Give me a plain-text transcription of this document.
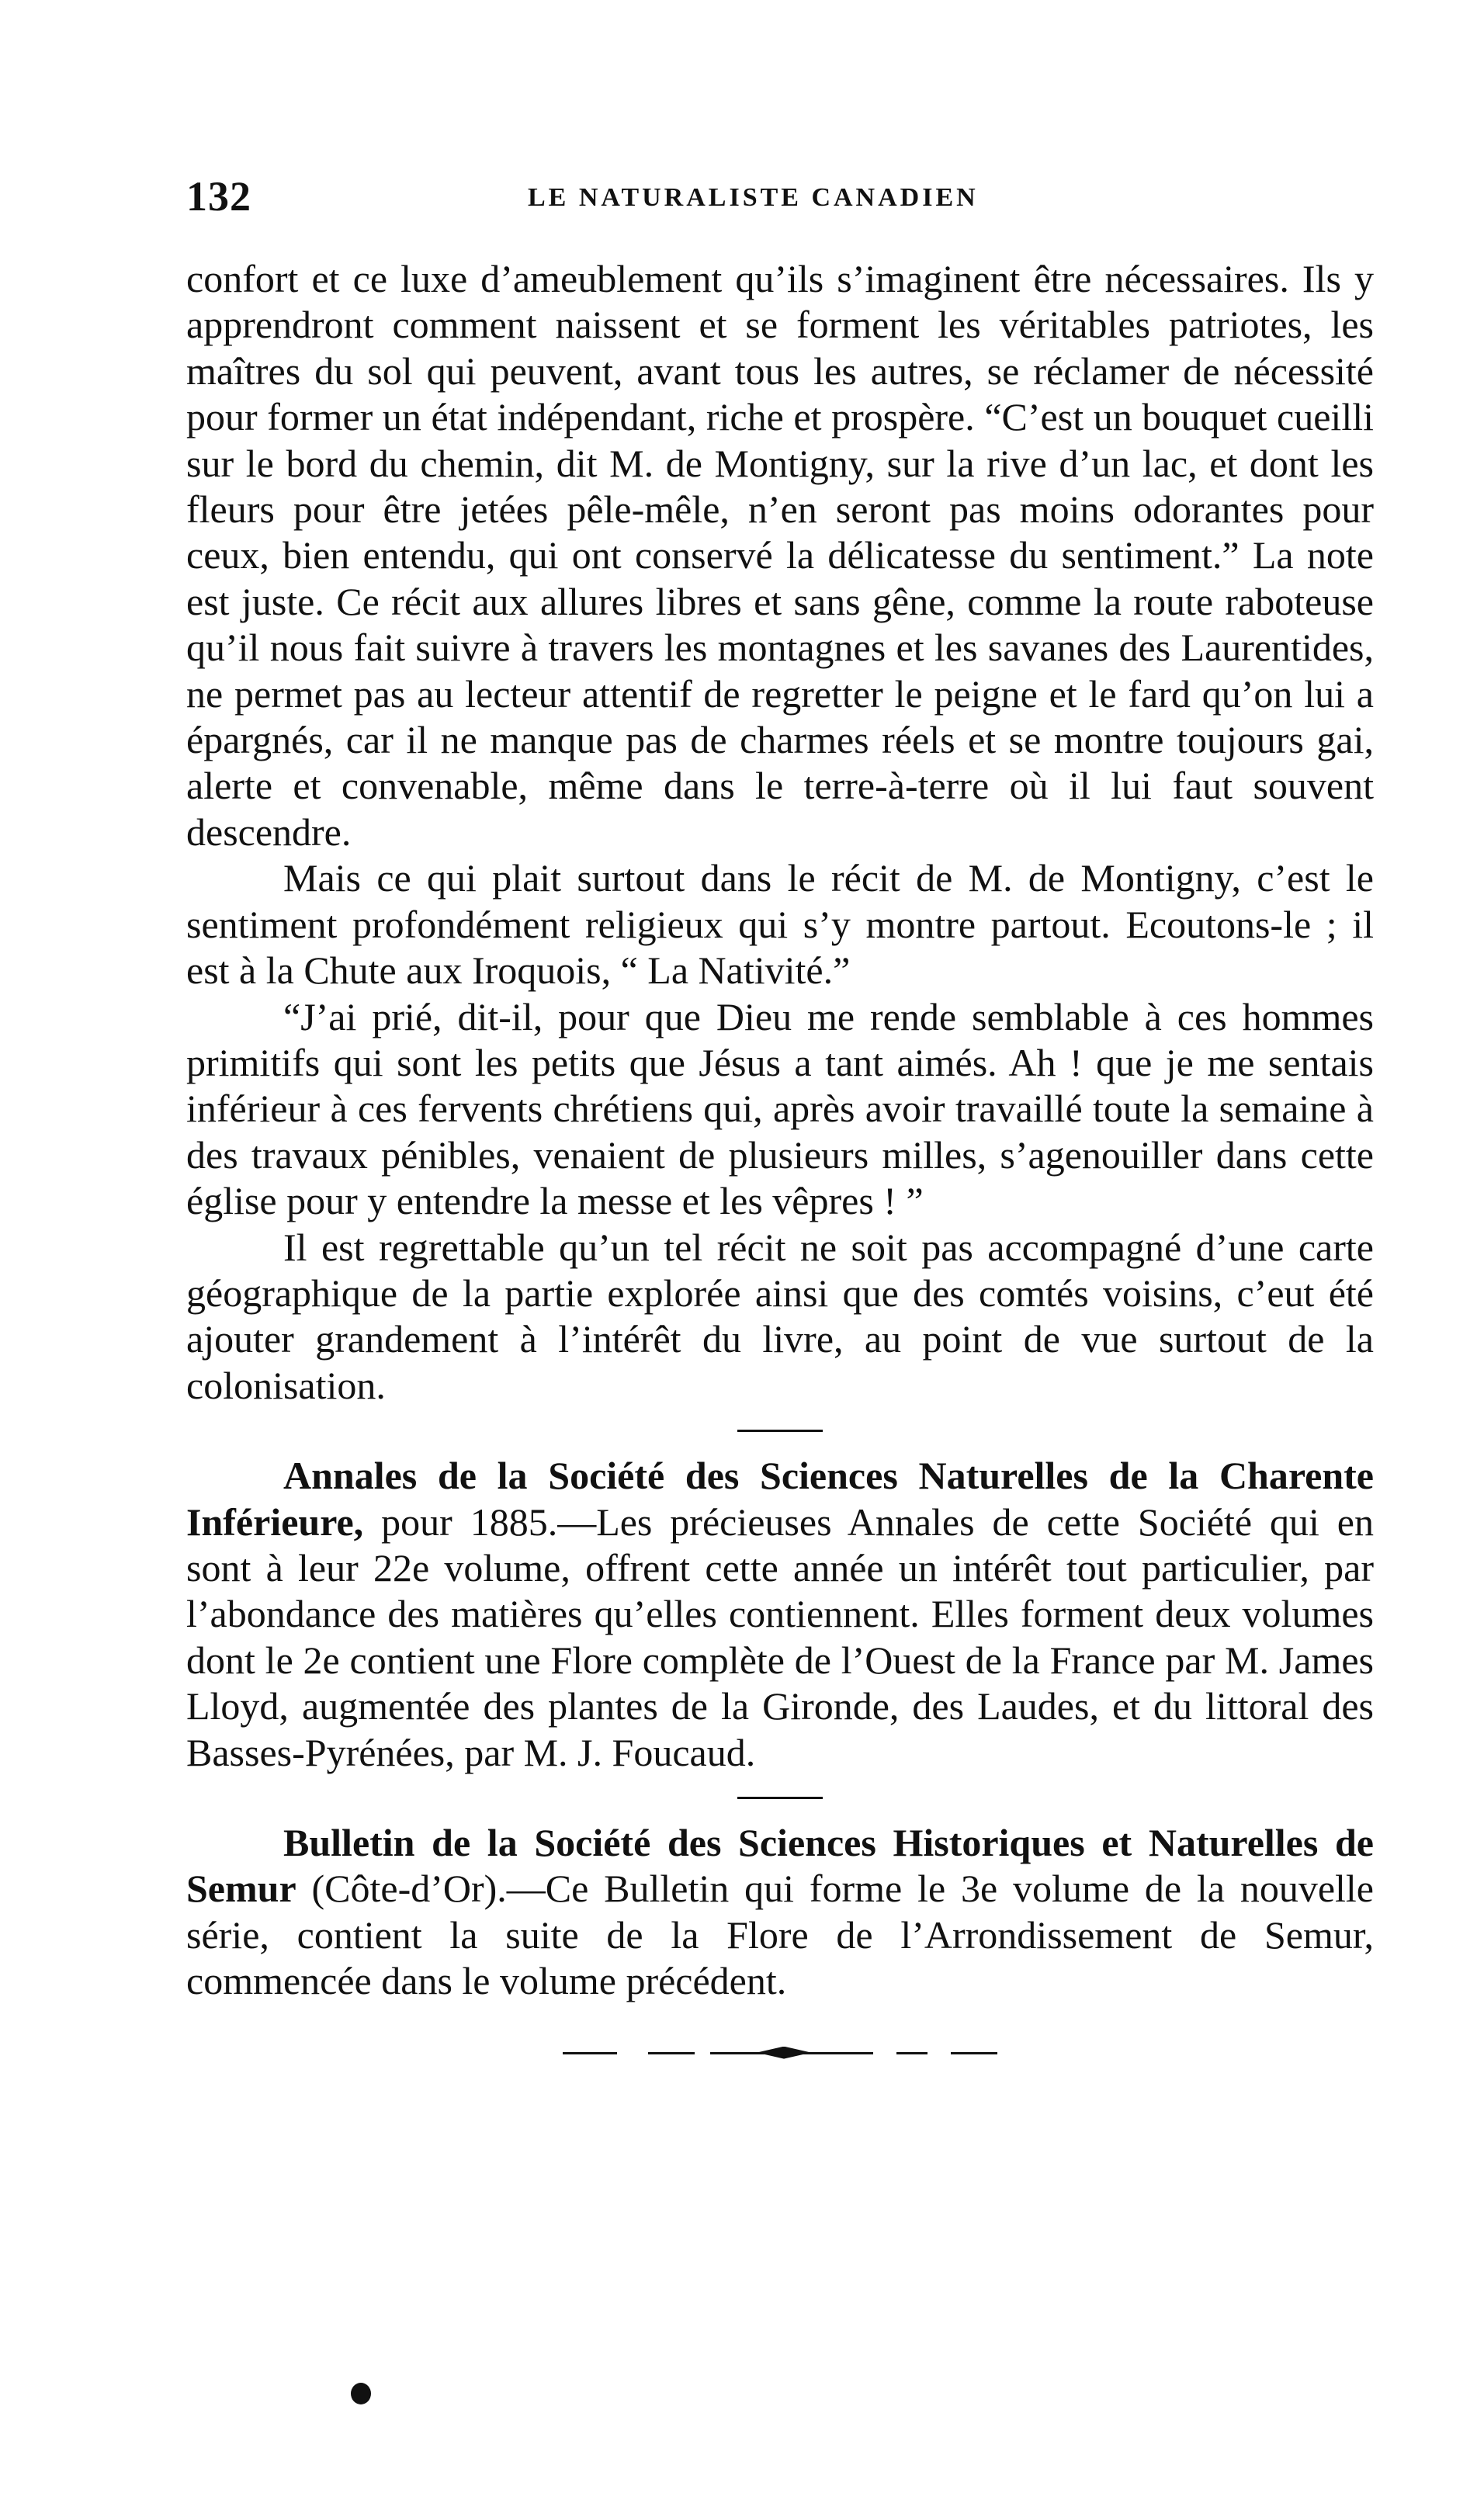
132	LE NATURALISTE CANADIEN

confort et ce luxe d’ameublement qu’ils s’imaginent être nécessaires. Ils y apprendront comment naissent et se forment les véritables patriotes, les maîtres du sol qui peuvent, avant tous les autres, se réclamer de nécessité pour former un état indépendant, riche et prospère. “C’est un bouquet cueilli sur le bord du chemin, dit M. de Montigny, sur la rive d’un lac, et dont les fleurs pour être jetées pêle-mêle, n’en seront pas moins odorantes pour ceux, bien entendu, qui ont conservé la délicatesse du sentiment.” La note est juste. Ce récit aux allures libres et sans gêne, comme la route raboteuse qu’il nous fait suivre à travers les montagnes et les savanes des Laurentides, ne permet pas au lecteur attentif de regretter le peigne et le fard qu’on lui a épargnés, car il ne manque pas de charmes réels et se montre toujours gai, alerte et convenable, même dans le terre-à-terre où il lui faut souvent descendre.

Mais ce qui plait surtout dans le récit de M. de Montigny, c’est le sentiment profondément religieux qui s’y montre partout. Ecoutons-le ; il est à la Chute aux Iroquois, “ La Nativité.”

“J’ai prié, dit-il, pour que Dieu me rende semblable à ces hommes primitifs qui sont les petits que Jésus a tant aimés. Ah ! que je me sentais inférieur à ces fervents chrétiens qui, après avoir travaillé toute la semaine à des travaux pénibles, venaient de plusieurs milles, s’agenouiller dans cette église pour y entendre la messe et les vêpres ! ”

Il est regrettable qu’un tel récit ne soit pas accompagné d’une carte géographique de la partie explorée ainsi que des comtés voisins, c’eut été ajouter grandement à l’intérêt du livre, au point de vue surtout de la colonisation.

Annales de la Société des Sciences Naturelles de la Charente Inférieure, pour 1885.—Les précieuses Annales de cette Société qui en sont à leur 22e volume, offrent cette année un intérêt tout particulier, par l’abondance des matières qu’elles contiennent. Elles forment deux volumes dont le 2e contient une Flore complète de l’Ouest de la France par M. James Lloyd, augmentée des plantes de la Gironde, des Laudes, et du littoral des Basses-Pyrénées, par M. J. Foucaud.

Bulletin de la Société des Sciences Historiques et Naturelles de Semur (Côte-d’Or).—Ce Bulletin qui forme le 3e volume de la nouvelle série, contient la suite de la Flore de l’Arrondissement de Semur, commencée dans le volume précédent.
